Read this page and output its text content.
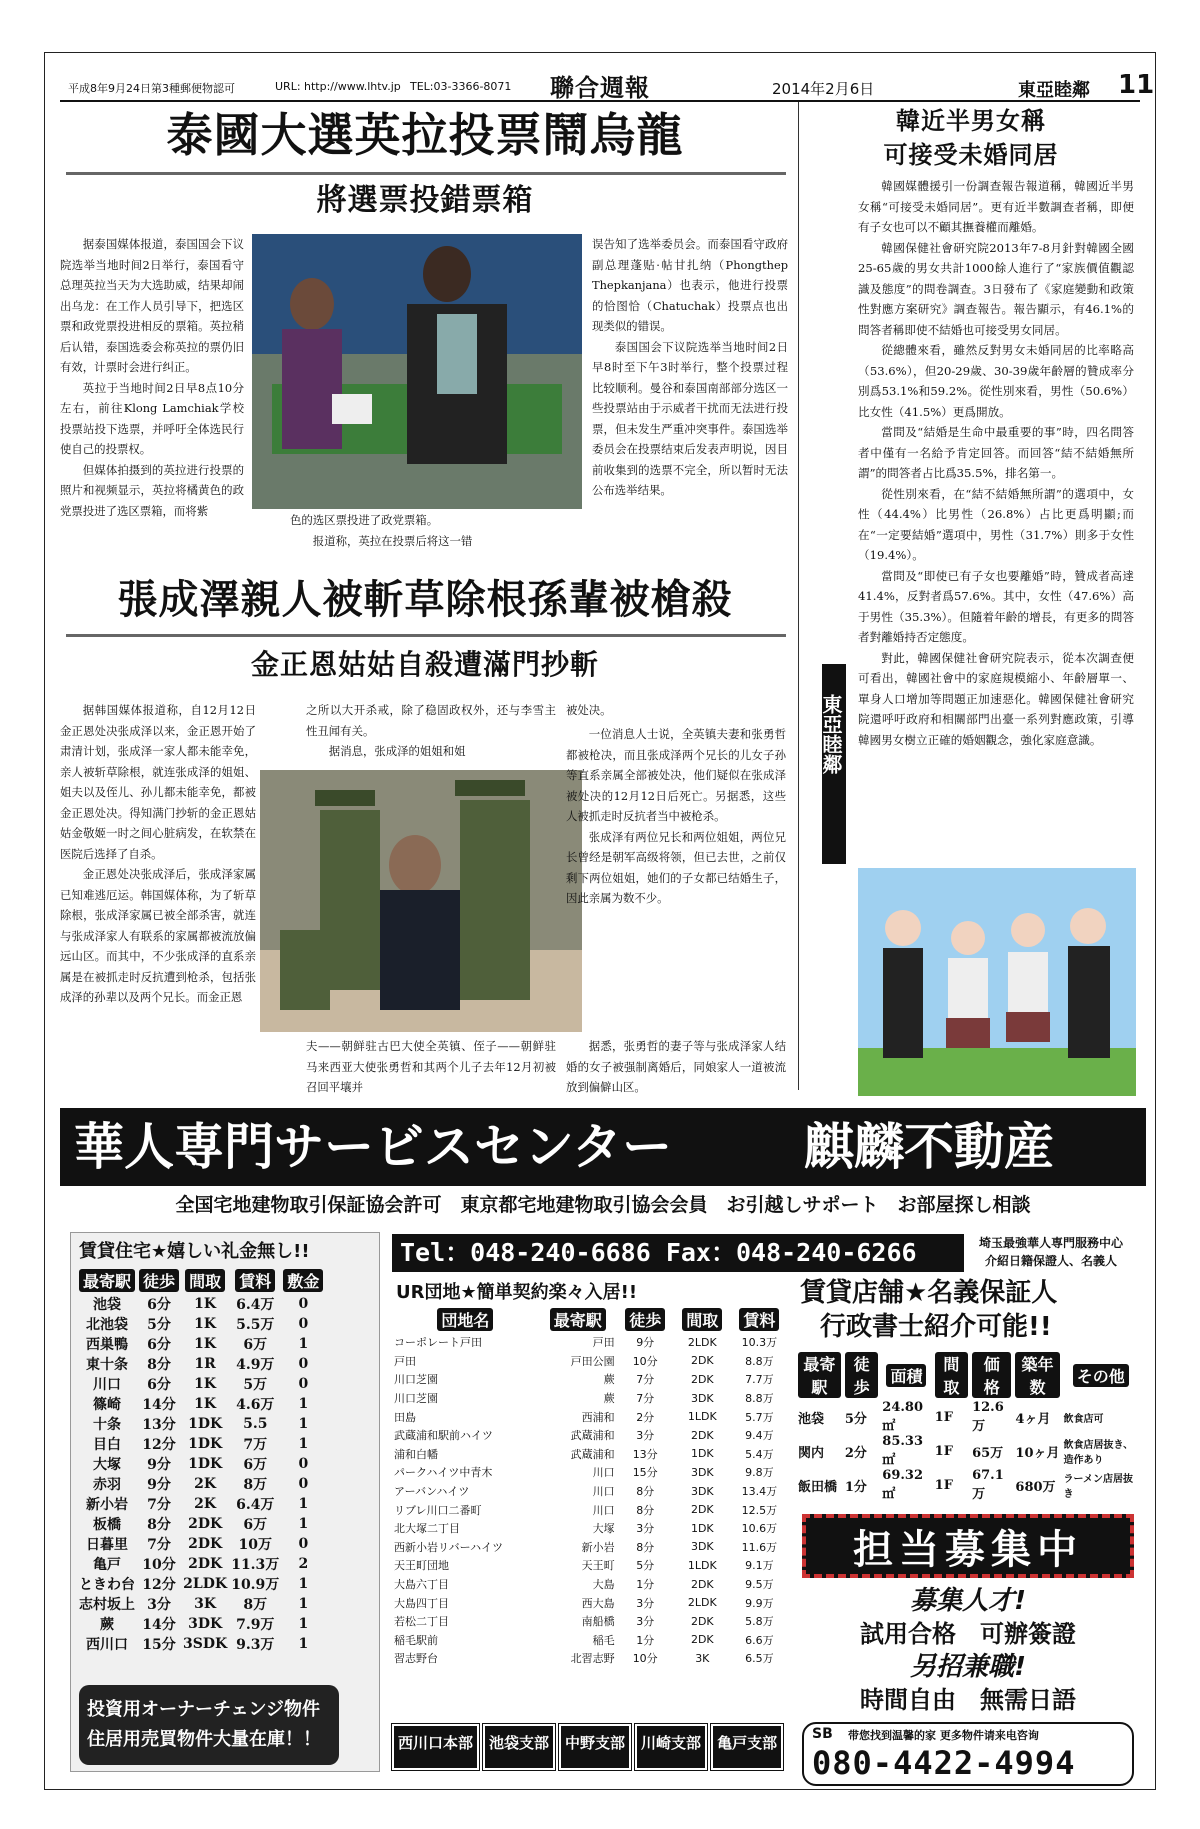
平成8年9月24日第3種郵便物認可	URL: http://www.lhtv.jp TEL:03-3366-8071 聯合週報	2014年2月6日	東亞睦鄰 11
泰國大選英拉投票鬧烏龍
將選票投錯票箱

据泰国媒体报道，泰国国会下议院选举当地时间2日举行，泰国看守总理英拉当天为大选助威，结果却闹出乌龙：在工作人员引导下，把选区票和政党票投进相反的票箱。英拉稍后认错，泰国选委会称英拉的票仍旧有效，计票时会进行纠正。

英拉于当地时间2日早8点10分左右，前往Klong Lamchiak学校投票站投下选票，并呼吁全体选民行使自己的投票权。

但媒体拍摄到的英拉进行投票的照片和视频显示，英拉将橘黄色的政党票投进了选区票箱，而将紫

色的选区票投进了政党票箱。

报道称，英拉在投票后将这一错

误告知了选举委员会。而泰国看守政府副总理蓬贴·帖甘扎纳（Phongthep Thepkanjana）也表示，他进行投票的恰图恰（Chatuchak）投票点也出现类似的错误。

泰国国会下议院选举当地时间2日早8时至下午3时举行，整个投票过程比较顺利。曼谷和泰国南部部分选区一些投票站由于示威者干扰而无法进行投票，但未发生严重冲突事件。泰国选举委员会在投票结束后发表声明说，因目前收集到的选票不完全，所以暂时无法公布选举结果。

張成澤親人被斬草除根孫輩被槍殺
金正恩姑姑自殺遭滿門抄斬

据韩国媒体报道称，自12月12日金正恩处决张成泽以来，金正恩开始了肃清计划，张成泽一家人都未能幸免，亲人被斩草除根，就连张成泽的姐姐、姐夫以及侄儿、孙儿都未能幸免，都被金正恩处决。得知满门抄斩的金正恩姑姑金敬姬一时之间心脏病发，在软禁在医院后选择了自杀。

金正恩处决张成泽后，张成泽家属已知难逃厄运。韩国媒体称，为了斩草除根，张成泽家属已被全部杀害，就连与张成泽家人有联系的家属都被流放偏远山区。而其中，不少张成泽的直系亲属是在被抓走时反抗遭到枪杀，包括张成泽的孙辈以及两个兄长。而金正恩

之所以大开杀戒，除了稳固政权外，还与李雪主性丑闻有关。

据消息，张成泽的姐姐和姐

被处决。

一位消息人士说，全英镇夫妻和张勇哲都被枪决，而且张成泽两个兄长的儿女子孙等直系亲属全部被处决，他们疑似在张成泽被处决的12月12日后死亡。另据悉，这些人被抓走时反抗者当中被枪杀。

张成泽有两位兄长和两位姐姐，两位兄长曾经是朝军高级将领，但已去世，之前仅剩下两位姐姐，她们的子女都已结婚生子，因此亲属为数不少。

夫——朝鲜驻古巴大使全英镇、侄子——朝鲜驻马来西亚大使张勇哲和其两个儿子去年12月初被召回平壤并
据悉，张勇哲的妻子等与张成泽家人结婚的女子被强制离婚后，同娘家人一道被流放到偏僻山区。
韓近半男女稱
可接受未婚同居

韓國媒體援引一份調查報告報道稱，韓國近半男女稱“可接受未婚同居”。更有近半數調查者稱，即便有子女也可以不顧其撫養權而離婚。

韓國保健社會研究院2013年7-8月針對韓國全國25-65歲的男女共計1000餘人進行了“家族價值觀認識及態度”的問卷調查。3日發布了《家庭變動和政策性對應方案研究》調查報告。報告顯示，有46.1%的問答者稱即使不結婚也可接受男女同居。

從總體來看，雖然反對男女未婚同居的比率略高（53.6%），但20-29歲、30-39歲年齡層的贊成率分別爲53.1%和59.2%。從性別來看，男性（50.6%）比女性（41.5%）更爲開放。

當問及“結婚是生命中最重要的事”時，四名問答者中僅有一名給予肯定回答。而回答“結不結婚無所謂”的問答者占比爲35.5%，排名第一。

從性別來看，在“結不結婚無所謂”的選項中，女性（44.4%）比男性（26.8%）占比更爲明顯;而在“一定要結婚”選項中，男性（31.7%）則多于女性（19.4%）。

當問及“即使已有子女也要離婚”時，贊成者高達41.4%，反對者爲57.6%。其中，女性（47.6%）高于男性（35.3%）。但隨着年齡的增長，有更多的問答者對離婚持否定態度。

對此，韓國保健社會研究院表示，從本次調查便可看出，韓國社會中的家庭規模縮小、年齡層單一、單身人口增加等問題正加速惡化。韓國保健社會研究院還呼吁政府和相關部門出臺一系列對應政策，引導韓國男女樹立正確的婚姻觀念，強化家庭意識。

東亞睦鄰
華人専門サービスセンター	麒麟不動産
全国宅地建物取引保証協会許可　東京都宅地建物取引協会会員　お引越しサポート　お部屋探し相談
賃貸住宅★嬉しい礼金無し!!
最寄駅	徒歩	間取	賃料	敷金
池袋	6分	1K	6.4万	0
北池袋	5分	1K	5.5万	0
西巣鴨	6分	1K	6万	1
東十条	8分	1R	4.9万	0
川口	6分	1K	5万	0
篠崎	14分	1K	4.6万	1
十条	13分	1DK	5.5	1
目白	12分	1DK	7万	1
大塚	9分	1DK	6万	0
赤羽	9分	2K	8万	0
新小岩	7分	2K	6.4万	1
板橋	8分	2DK	6万	1
日暮里	7分	2DK	10万	0
亀戸	10分	2DK	11.3万	2
ときわ台	12分	2LDK	10.9万	1
志村坂上	3分	3K	8万	1
蕨	14分	3DK	7.9万	1
西川口	15分	3SDK	9.3万	1
投資用オーナーチェンジ物件
住居用売買物件大量在庫！！
Tel：048-240-6686 Fax：048-240-6266	埼玉最強華人専門服務中心
介紹日籍保證人、名義人
UR団地★簡単契約楽々入居!!
団地名	最寄駅	徒歩	間取	賃料
コーポレート戸田	戸田	9分	2LDK	10.3万
戸田	戸田公園	10分	2DK	8.8万
川口芝園	蕨	7分	2DK	7.7万
川口芝園	蕨	7分	3DK	8.8万
田島	西浦和	2分	1LDK	5.7万
武蔵浦和駅前ハイツ	武蔵浦和	3分	2DK	9.4万
浦和白幡	武蔵浦和	13分	1DK	5.4万
パークハイツ中青木	川口	15分	3DK	9.8万
アーバンハイツ	川口	8分	3DK	13.4万
リブレ川口二番町	川口	8分	2DK	12.5万
北大塚二丁目	大塚	3分	1DK	10.6万
西新小岩リバーハイツ	新小岩	8分	3DK	11.6万
天王町団地	天王町	5分	1LDK	9.1万
大島六丁目	大島	1分	2DK	9.5万
大島四丁目	西大島	3分	2LDK	9.9万
若松二丁目	南船橋	3分	2DK	5.8万
稲毛駅前	稲毛	1分	2DK	6.6万
習志野台	北習志野	10分	3K	6.5万
西川口本部	池袋支部	中野支部	川崎支部	亀戸支部
賃貸店舗★名義保証人
行政書士紹介可能!!
最寄駅	徒歩	面積	間取	価格	築年数	その他
池袋	5分	24.80㎡	1F	12.6万	4ヶ月	飲食店可
関内	2分	85.33㎡	1F	65万	10ヶ月	飲食店居抜き、造作あり
飯田橋	1分	69.32㎡	1F	67.1万	680万	ラーメン店居抜き
担当募集中
募集人才!
試用合格　可辦簽證
另招兼職!
時間自由　無需日語
SB 带您找到温馨的家 更多物件请来电咨询
080-4422-4994
